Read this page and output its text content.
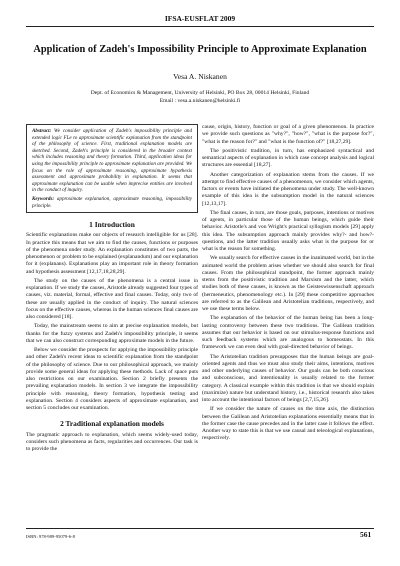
IFSA-EUSFLAT 2009
Application of Zadeh's Impossibility Principle to Approximate Explanation
Vesa A. Niskanen
Dept. of Economics & Management, University of Helsinki, PO Box 28, 00014 Helsinki, Finland
Email : vesa.a.niskanen@helsinki.fi
Abstract: We consider application of Zadeh's impossibility principle and extended logic FLe to approximate scientific explanation from the standpoint of the philosophy of science. First, traditional explanation models are sketched. Second, Zadeh's principle is considered in the broader context which includes reasoning and theory formation. Third, application ideas for using the impossibility principle to approximate explanation are provided. We focus on the role of approximate reasoning, approximate hypothesis assessment and approximate probability in explanation. It seems that approximate explanation can be usable when imprecise entities are involved in the conduct of inquiry.
Keywords: approximate explanation, approximate reasoning, impossibility principle.
1 Introduction

Scientific explanations make our objects of research intelligible for us [28]. In practice this means that we aim to find the causes, functions or purposes of the phenomena under study. An explanation constitutes of two parts, the phenomenon or problem to be explained (explanandum) and our explanation for it (explanans). Explanations play an important role in theory formation and hypothesis assessment [12,17,18,28,29].

The study on the causes of the phenomena is a central issue in explanation. If we study the causes, Aristotle already suggested four types of causes, viz. material, formal, effective and final causes. Today, only two of these are usually applied in the conduct of inquiry. The natural sciences focus on the effective causes, whereas in the human sciences final causes are also considered [18].

Today, the mainstream seems to aim at precise explanation models, but thanks for the fuzzy systems and Zadeh's impossibility principle, it seems that we can also construct corresponding approximate models in the future.

Below we consider the prospects for applying the impossibility principle and other Zadeh's recent ideas to scientific explanation from the standpoint of the philosophy of science. Due to our philosophical approach, we mainly provide some general ideas for applying these methods. Lack of space puts also restrictions on our examination. Section 2 briefly presents the prevailing explanation models. In section 3 we integrate the impossibility principle with reasoning, theory formation, hypothesis testing and explanation. Section 4 considers aspects of approximate explanation, and section 5 concludes our examination.

2 Traditional explanation models

The pragmatic approach to explanation, which seems widely-used today, considers such phenomena as facts, regularities and occurrences. Our task is to provide the

cause, origin, history, function or goal of a given phenomenon. In practice we provide such questions as "why?", "how?", "what is the purpose for?", "what is the reason for?" and "what is the function of?" [18,27,29].

The positivistic tradition, in turn, has emphasized syntactical and semantical aspects of explanation in which case concept analysis and logical structures are essential [18,27].

Another categorization of explanation stems from the causes. If we attempt to find effective causes of a phenomenon, we consider which agents, factors or events have initiated the phenomena under study. The well-known example of this idea is the subsumption model in the natural sciences [12,13,17].

The final causes, in turn, are those goals, purposes, intentions or motives of agents, in particular those of the human beings, which guide their behavior. Aristotle's and von Wright's practical syllogism models [29] apply this idea. The subsumption approach mainly provides why?- and how?-questions, and the latter tradition usually asks what is the purpose for or what is the reason for something.

We usually search for effective causes in the inanimated world, but in the animated world the problem arises whether we should also search for final causes. From the philosophical standpoint, the former approach mainly stems from the positivistic tradition and Marxism and the latter, which studies both of these causes, is known as the Geisteswissenschaft approach (hermeneutics, phenomenology etc.). In [29] these competitive approaches are referred to as the Galilean and Aristotelian traditions, respectively, and we use these terms below.

The explanation of the behavior of the human being has been a long-lasting controversy between these two traditions. The Galilean tradition assumes that our behavior is based on our stimulus-response functions and such feedback systems which are analogous to homeostats. In this framework we can even deal with goal-directed behavior of beings.

The Aristotelian tradition presupposes that the human beings are goal-oriented agents and thus we must also study their aims, intentions, motives and other underlying causes of behavior. Our goals can be both conscious and subconscious, and intentionality is usually related to the former category. A classical example within this tradition is that we should explain (maximize) nature but understand history, i.e., historical research also takes into account the intentional factors of beings [2,7,15,26].

If we consider the nature of causes on the time axis, the distinction between the Galilean and Aristotelian explanations essentially means that in the former case the cause precedes and in the latter case it follows the effect. Another way to state this is that we use causal and teleological explanations, respectively.

ISBN: 978-989-95079-6-8	561
